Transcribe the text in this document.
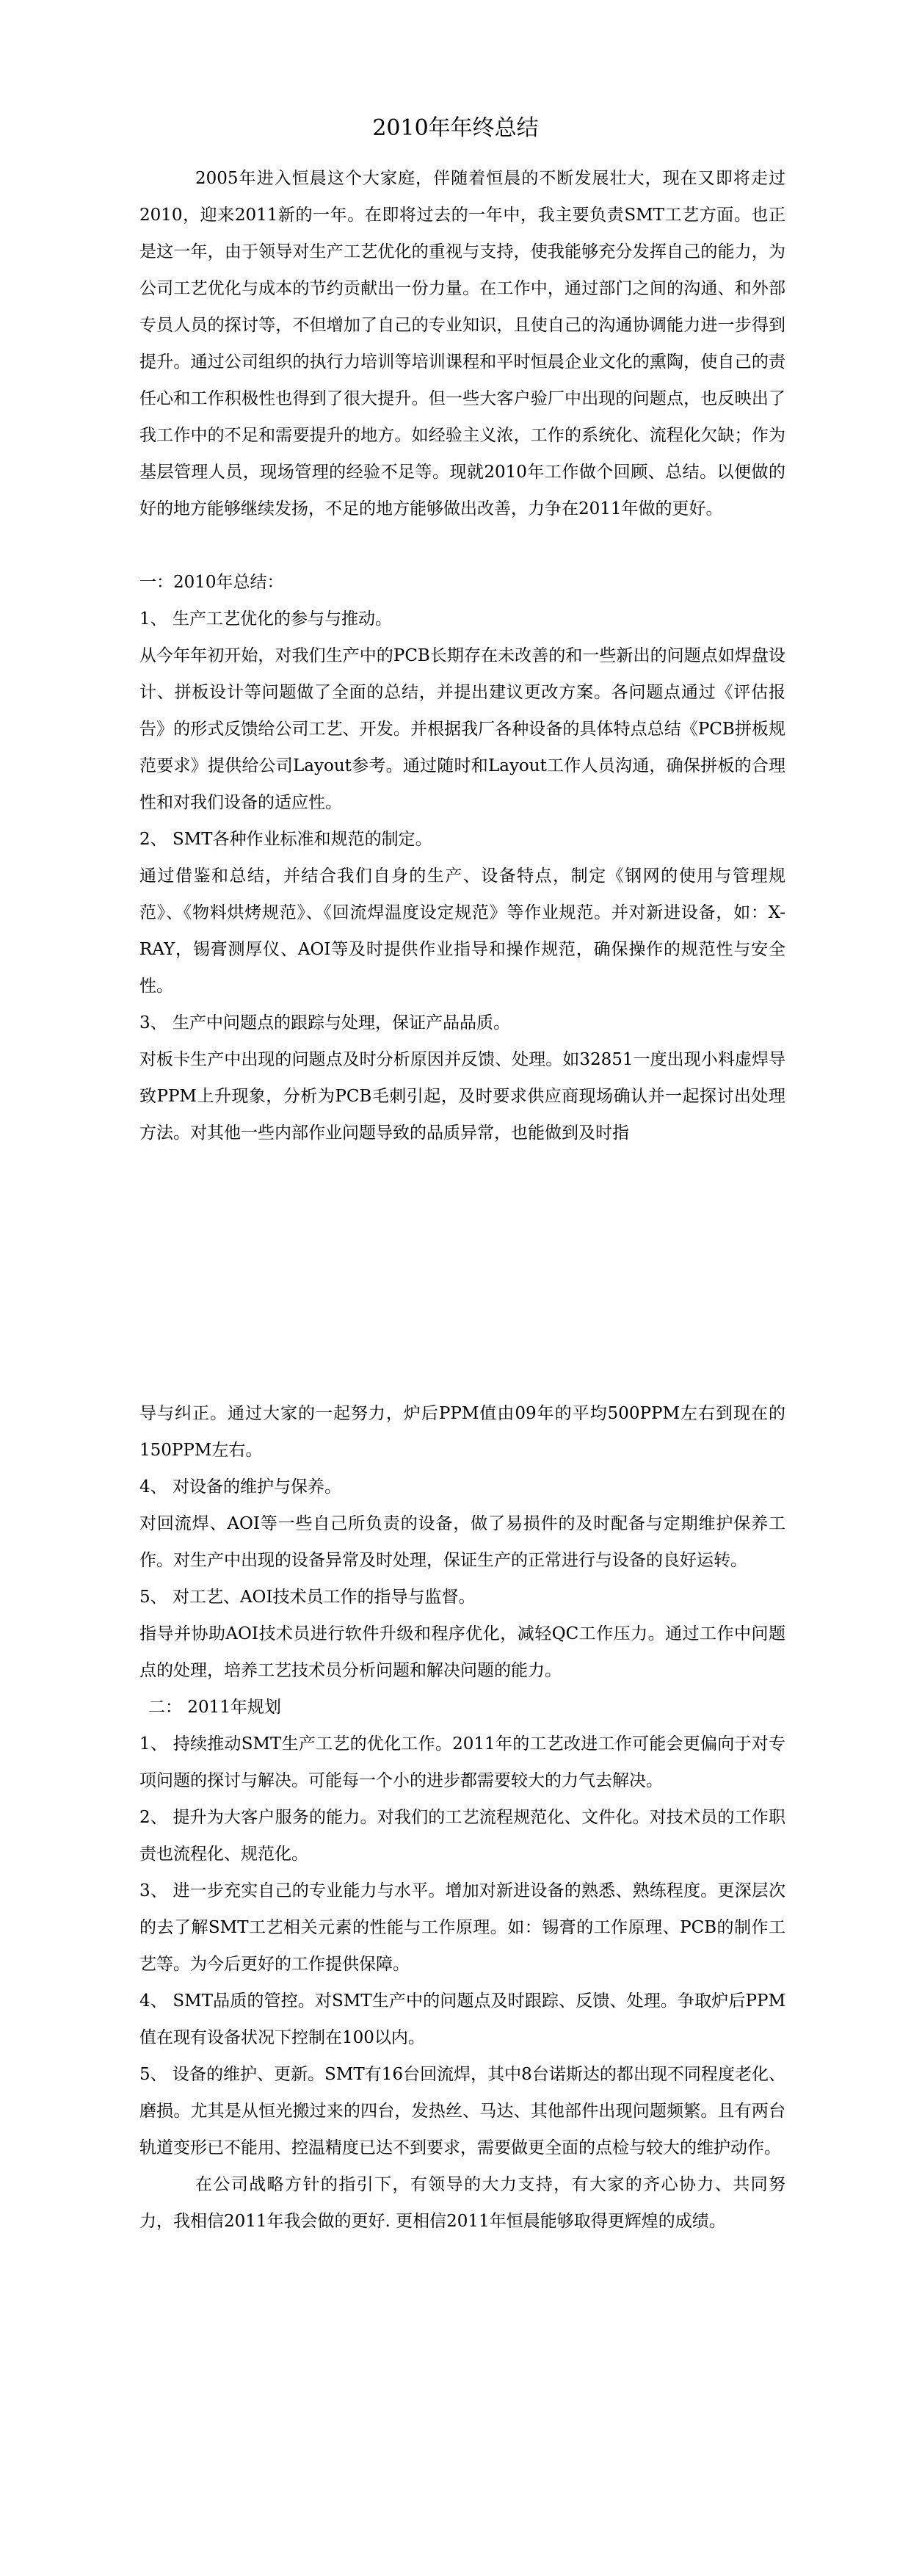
2010年年终总结

2005年进入恒晨这个大家庭，伴随着恒晨的不断发展壮大，现在又即将走过2010，迎来2011新的一年。在即将过去的一年中，我主要负责SMT工艺方面。也正是这一年，由于领导对生产工艺优化的重视与支持，使我能够充分发挥自己的能力，为公司工艺优化与成本的节约贡献出一份力量。在工作中，通过部门之间的沟通、和外部专员人员的探讨等，不但增加了自己的专业知识，且使自己的沟通协调能力进一步得到提升。通过公司组织的执行力培训等培训课程和平时恒晨企业文化的熏陶，使自己的责任心和工作积极性也得到了很大提升。但一些大客户验厂中出现的问题点，也反映出了我工作中的不足和需要提升的地方。如经验主义浓，工作的系统化、流程化欠缺；作为基层管理人员，现场管理的经验不足等。现就2010年工作做个回顾、总结。以便做的好的地方能够继续发扬，不足的地方能够做出改善，力争在2011年做的更好。

一：2010年总结：

1、 生产工艺优化的参与与推动。

从今年年初开始，对我们生产中的PCB长期存在未改善的和一些新出的问题点如焊盘设计、拼板设计等问题做了全面的总结，并提出建议更改方案。各问题点通过《评估报告》的形式反馈给公司工艺、开发。并根据我厂各种设备的具体特点总结《PCB拼板规范要求》提供给公司Layout参考。通过随时和Layout工作人员沟通，确保拼板的合理性和对我们设备的适应性。

2、 SMT各种作业标准和规范的制定。

通过借鉴和总结，并结合我们自身的生产、设备特点，制定《钢网的使用与管理规范》、《物料烘烤规范》、《回流焊温度设定规范》等作业规范。并对新进设备，如：X-RAY，锡膏测厚仪、AOI等及时提供作业指导和操作规范，确保操作的规范性与安全性。

3、 生产中问题点的跟踪与处理，保证产品品质。

对板卡生产中出现的问题点及时分析原因并反馈、处理。如32851一度出现小料虚焊导致PPM上升现象，分析为PCB毛刺引起，及时要求供应商现场确认并一起探讨出处理方法。对其他一些内部作业问题导致的品质异常，也能做到及时指

导与纠正。通过大家的一起努力，炉后PPM值由09年的平均500PPM左右到现在的150PPM左右。

4、 对设备的维护与保养。

对回流焊、AOI等一些自己所负责的设备，做了易损件的及时配备与定期维护保养工作。对生产中出现的设备异常及时处理，保证生产的正常进行与设备的良好运转。

5、 对工艺、AOI技术员工作的指导与监督。

指导并协助AOI技术员进行软件升级和程序优化，减轻QC工作压力。通过工作中问题点的处理，培养工艺技术员分析问题和解决问题的能力。

二： 2011年规划

1、 持续推动SMT生产工艺的优化工作。2011年的工艺改进工作可能会更偏向于对专项问题的探讨与解决。可能每一个小的进步都需要较大的力气去解决。

2、 提升为大客户服务的能力。对我们的工艺流程规范化、文件化。对技术员的工作职责也流程化、规范化。

3、 进一步充实自己的专业能力与水平。增加对新进设备的熟悉、熟练程度。更深层次的去了解SMT工艺相关元素的性能与工作原理。如：锡膏的工作原理、PCB的制作工艺等。为今后更好的工作提供保障。

4、 SMT品质的管控。对SMT生产中的问题点及时跟踪、反馈、处理。争取炉后PPM值在现有设备状况下控制在100以内。

5、 设备的维护、更新。SMT有16台回流焊，其中8台诺斯达的都出现不同程度老化、磨损。尤其是从恒光搬过来的四台，发热丝、马达、其他部件出现问题频繁。且有两台轨道变形已不能用、控温精度已达不到要求，需要做更全面的点检与较大的维护动作。

在公司战略方针的指引下，有领导的大力支持，有大家的齐心协力、共同努力，我相信2011年我会做的更好. 更相信2011年恒晨能够取得更辉煌的成绩。
